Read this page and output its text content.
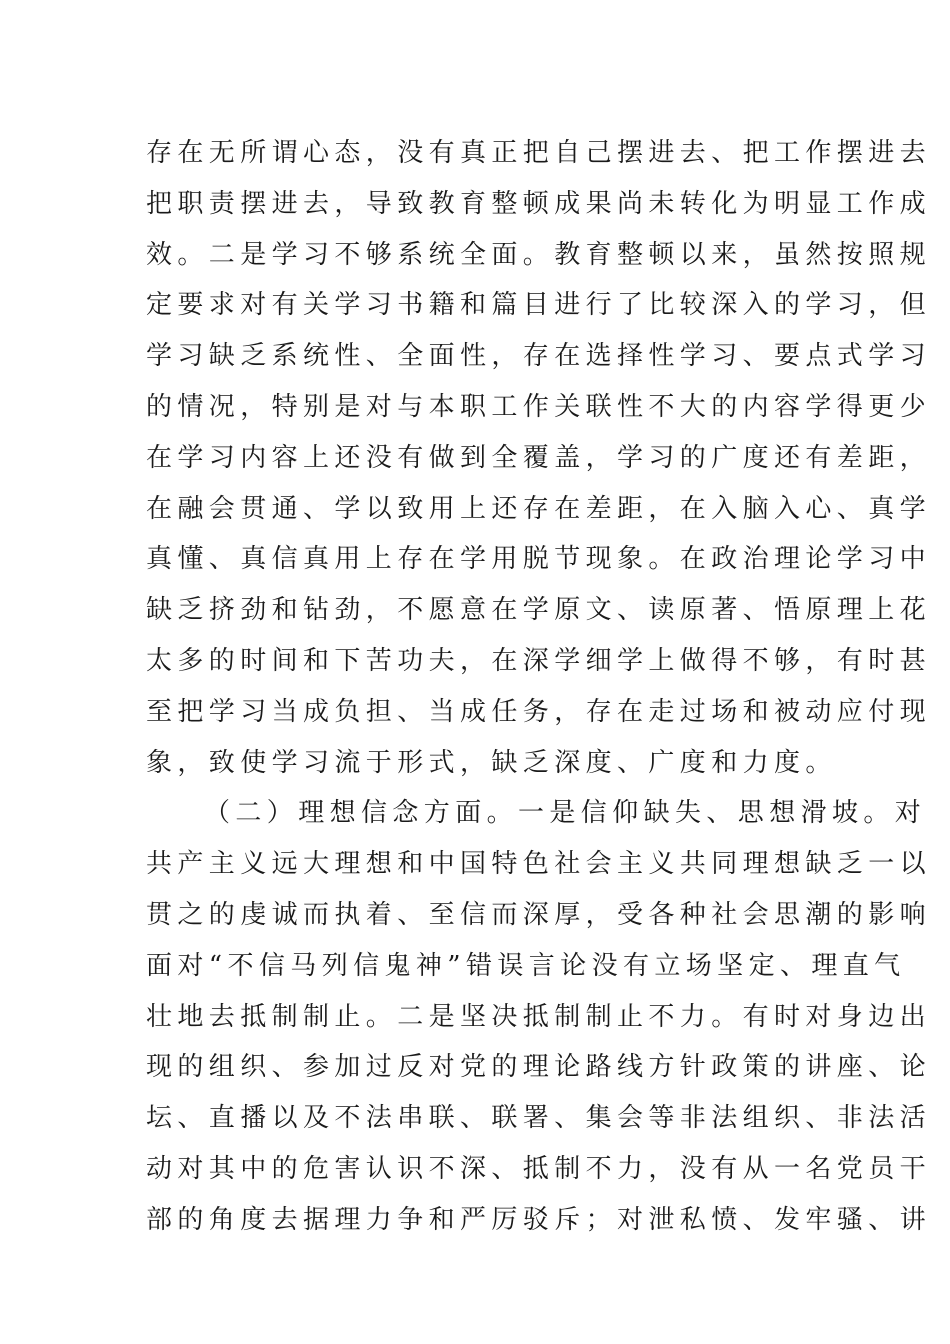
存在无所谓心态，没有真正把自己摆进去、把工作摆进去
把职责摆进去，导致教育整顿成果尚未转化为明显工作成
效。二是学习不够系统全面。教育整顿以来，虽然按照规
定要求对有关学习书籍和篇目进行了比较深入的学习，但
学习缺乏系统性、全面性，存在选择性学习、要点式学习
的情况，特别是对与本职工作关联性不大的内容学得更少
在学习内容上还没有做到全覆盖，学习的广度还有差距，
在融会贯通、学以致用上还存在差距，在入脑入心、真学
真懂、真信真用上存在学用脱节现象。在政治理论学习中
缺乏挤劲和钻劲，不愿意在学原文、读原著、悟原理上花
太多的时间和下苦功夫，在深学细学上做得不够，有时甚
至把学习当成负担、当成任务，存在走过场和被动应付现
象，致使学习流于形式，缺乏深度、广度和力度。
（二）理想信念方面。一是信仰缺失、思想滑坡。对
共产主义远大理想和中国特色社会主义共同理想缺乏一以
贯之的虔诚而执着、至信而深厚，受各种社会思潮的影响
面对“不信马列信鬼神”错误言论没有立场坚定、理直气
壮地去抵制制止。二是坚决抵制制止不力。有时对身边出
现的组织、参加过反对党的理论路线方针政策的讲座、论
坛、直播以及不法串联、联署、集会等非法组织、非法活
动对其中的危害认识不深、抵制不力，没有从一名党员干
部的角度去据理力争和严厉驳斥；对泄私愤、发牢骚、讲
